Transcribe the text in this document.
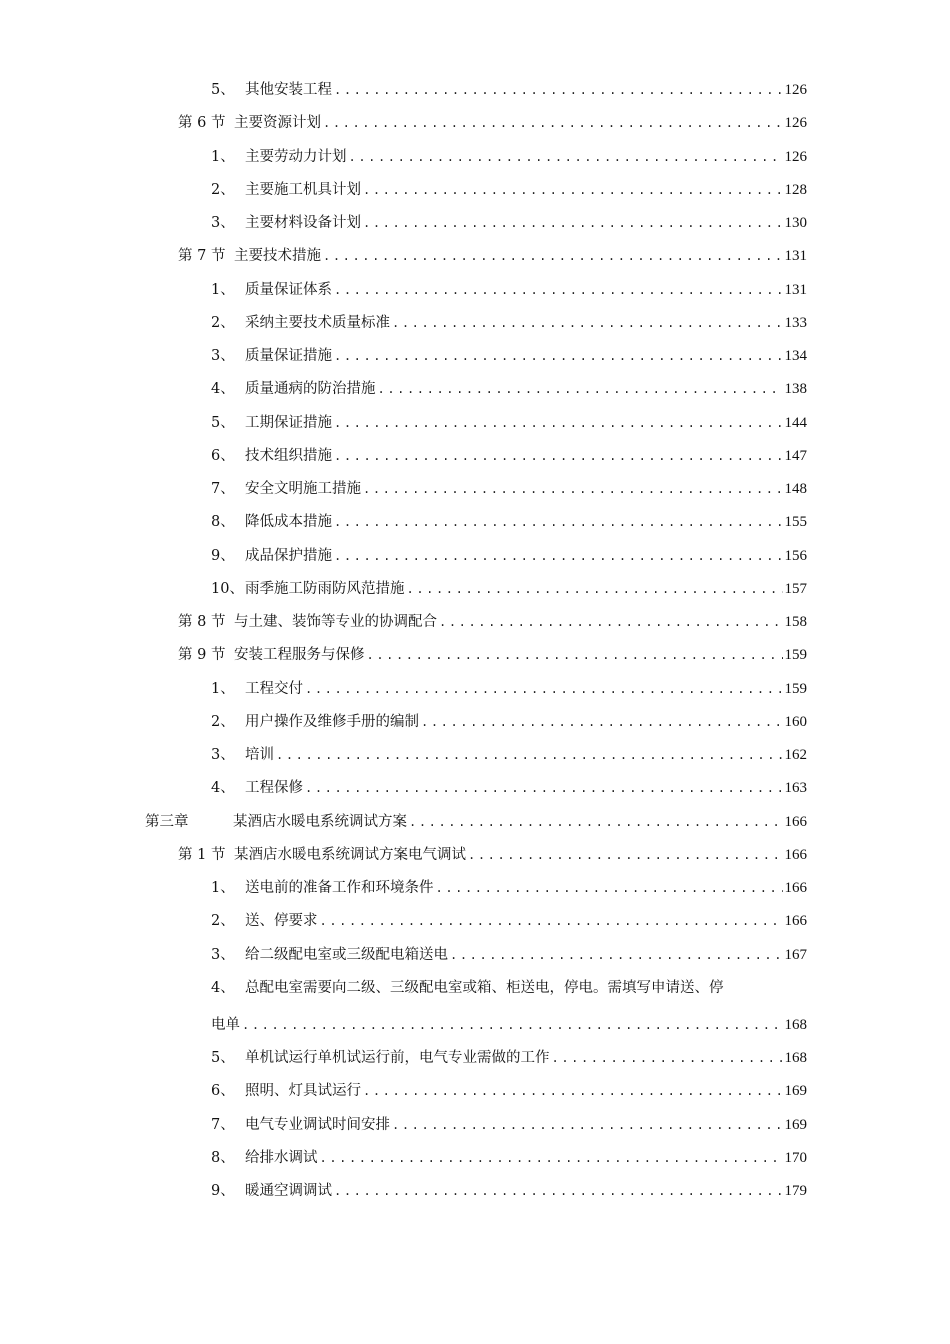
5、 其他安装工程 .....	126
第 6 节 主要资源计划 .....	126
1、 主要劳动力计划 .....	126
2、 主要施工机具计划 .....	128
3、 主要材料设备计划 .....	130
第 7 节 主要技术措施 .....	131
1、 质量保证体系 .....	131
2、 采纳主要技术质量标准 .....	133
3、 质量保证措施 .....	134
4、 质量通病的防治措施 .....	138
5、 工期保证措施 .....	144
6、 技术组织措施 .....	147
7、 安全文明施工措施 .....	148
8、 降低成本措施 .....	155
9、 成品保护措施 .....	156
10、 雨季施工防雨防风范措施 .....	157
第 8 节 与土建、装饰等专业的协调配合 .....	158
第 9 节 安装工程服务与保修 .....	159
1、 工程交付 .....	159
2、 用户操作及维修手册的编制 .....	160
3、 培训 .....	162
4、 工程保修 .....	163
第三章	某酒店水暖电系统调试方案 .....	166
第 1 节 某酒店水暖电系统调试方案电气调试 .....	166
1、 送电前的准备工作和环境条件 .....	166
2、 送、停要求 .....	166
3、 给二级配电室或三级配电箱送电 .....	167
4、 总配电室需要向二级、三级配电室或箱、柜送电，停电。需填写申请送、停
电单 .....	168
5、 单机试运行单机试运行前，电气专业需做的工作 .....	168
6、 照明、灯具试运行 .....	169
7、 电气专业调试时间安排 .....	169
8、 给排水调试 .....	170
9、 暖通空调调试 .....	179
